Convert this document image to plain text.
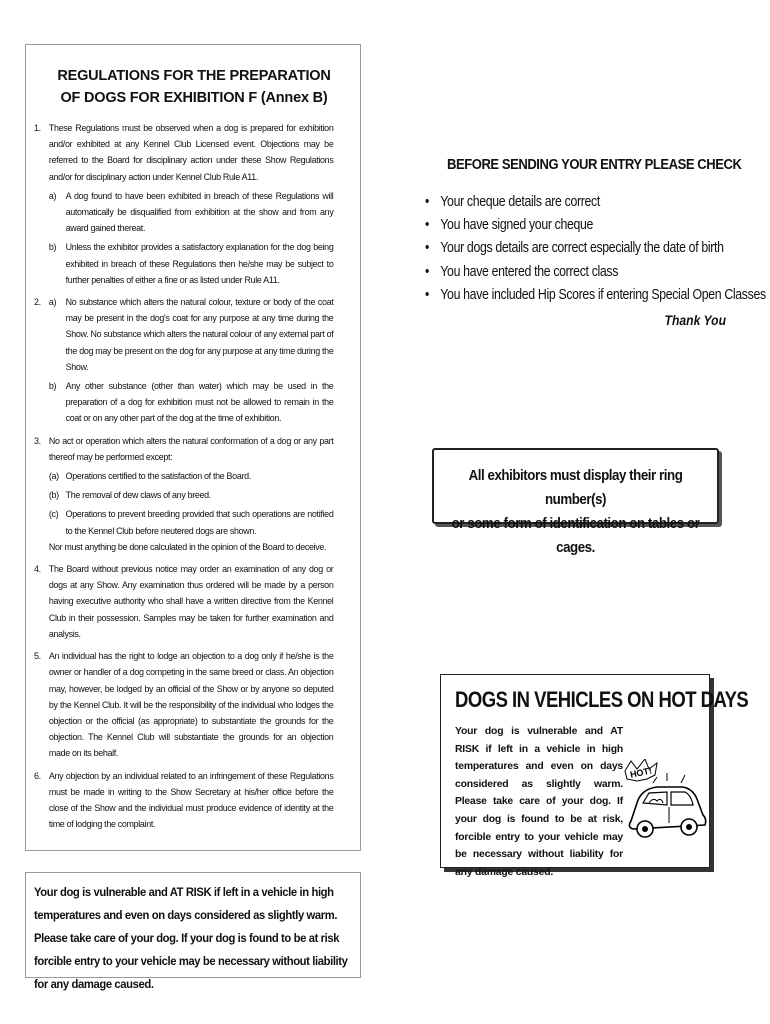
REGULATIONS FOR THE PREPARATION
OF DOGS FOR EXHIBITION F (Annex B)
1. These Regulations must be observed when a dog is prepared for exhibition and/or exhibited at any Kennel Club Licensed event. Objections may be referred to the Board for disciplinary action under these Show Regulations and/or for disciplinary action under Kennel Club Rule A11.

a) A dog found to have been exhibited in breach of these Regulations will automatically be disqualified from exhibition at the show and from any award gained thereat.

b) Unless the exhibitor provides a satisfactory explanation for the dog being exhibited in breach of these Regulations then he/she may be subject to further penalties of either a fine or as listed under Rule A11.

2. a) No substance which alters the natural colour, texture or body of the coat may be present in the dog's coat for any purpose at any time during the Show. No substance which alters the natural colour of any external part of the dog may be present on the dog for any purpose at any time during the Show.

b) Any other substance (other than water) which may be used in the preparation of a dog for exhibition must not be allowed to remain in the coat or on any other part of the dog at the time of exhibition.

3. No act or operation which alters the natural conformation of a dog or any part thereof may be performed except:

(a) Operations certified to the satisfaction of the Board.

(b) The removal of dew claws of any breed.

(c) Operations to prevent breeding provided that such operations are notified to the Kennel Club before neutered dogs are shown.

Nor must anything be done calculated in the opinion of the Board to deceive.

4. The Board without previous notice may order an examination of any dog or dogs at any Show. Any examination thus ordered will be made by a person having executive authority who shall have a written directive from the Kennel Club in their possession. Samples may be taken for further examination and analysis.

5. An individual has the right to lodge an objection to a dog only if he/she is the owner or handler of a dog competing in the same breed or class. An objection may, however, be lodged by an official of the Show or by anyone so deputed by the Kennel Club. It will be the responsibility of the individual who lodges the objection or the official (as appropriate) to substantiate the grounds for the objection. The Kennel Club will substantiate the grounds for an objection made on its behalf.

6. Any objection by an individual related to an infringement of these Regulations must be made in writing to the Show Secretary at his/her office before the close of the Show and the individual must produce evidence of identity at the time of lodging the complaint.

Your dog is vulnerable and AT RISK if left in a vehicle in high temperatures and even on days considered as slightly warm. Please take care of your dog. If your dog is found to be at risk forcible entry to your vehicle may be necessary without liability for any damage caused.
BEFORE SENDING YOUR ENTRY PLEASE CHECK
• Your cheque details are correct
• You have signed your cheque
• Your dogs details are correct especially the date of birth
• You have entered the correct class
• You have included Hip Scores if entering Special Open Classes
Thank You
All exhibitors must display their ring number(s)
or some form of identification on tables or cages.
DOGS IN VEHICLES ON HOT DAYS
Your dog is vulnerable and AT RISK if left in a vehicle in high temperatures and even on days considered as slightly warm. Please take care of your dog. If your dog is found to be at risk, forcible entry to your vehicle may be necessary without liability for any damage caused.
HOT!
